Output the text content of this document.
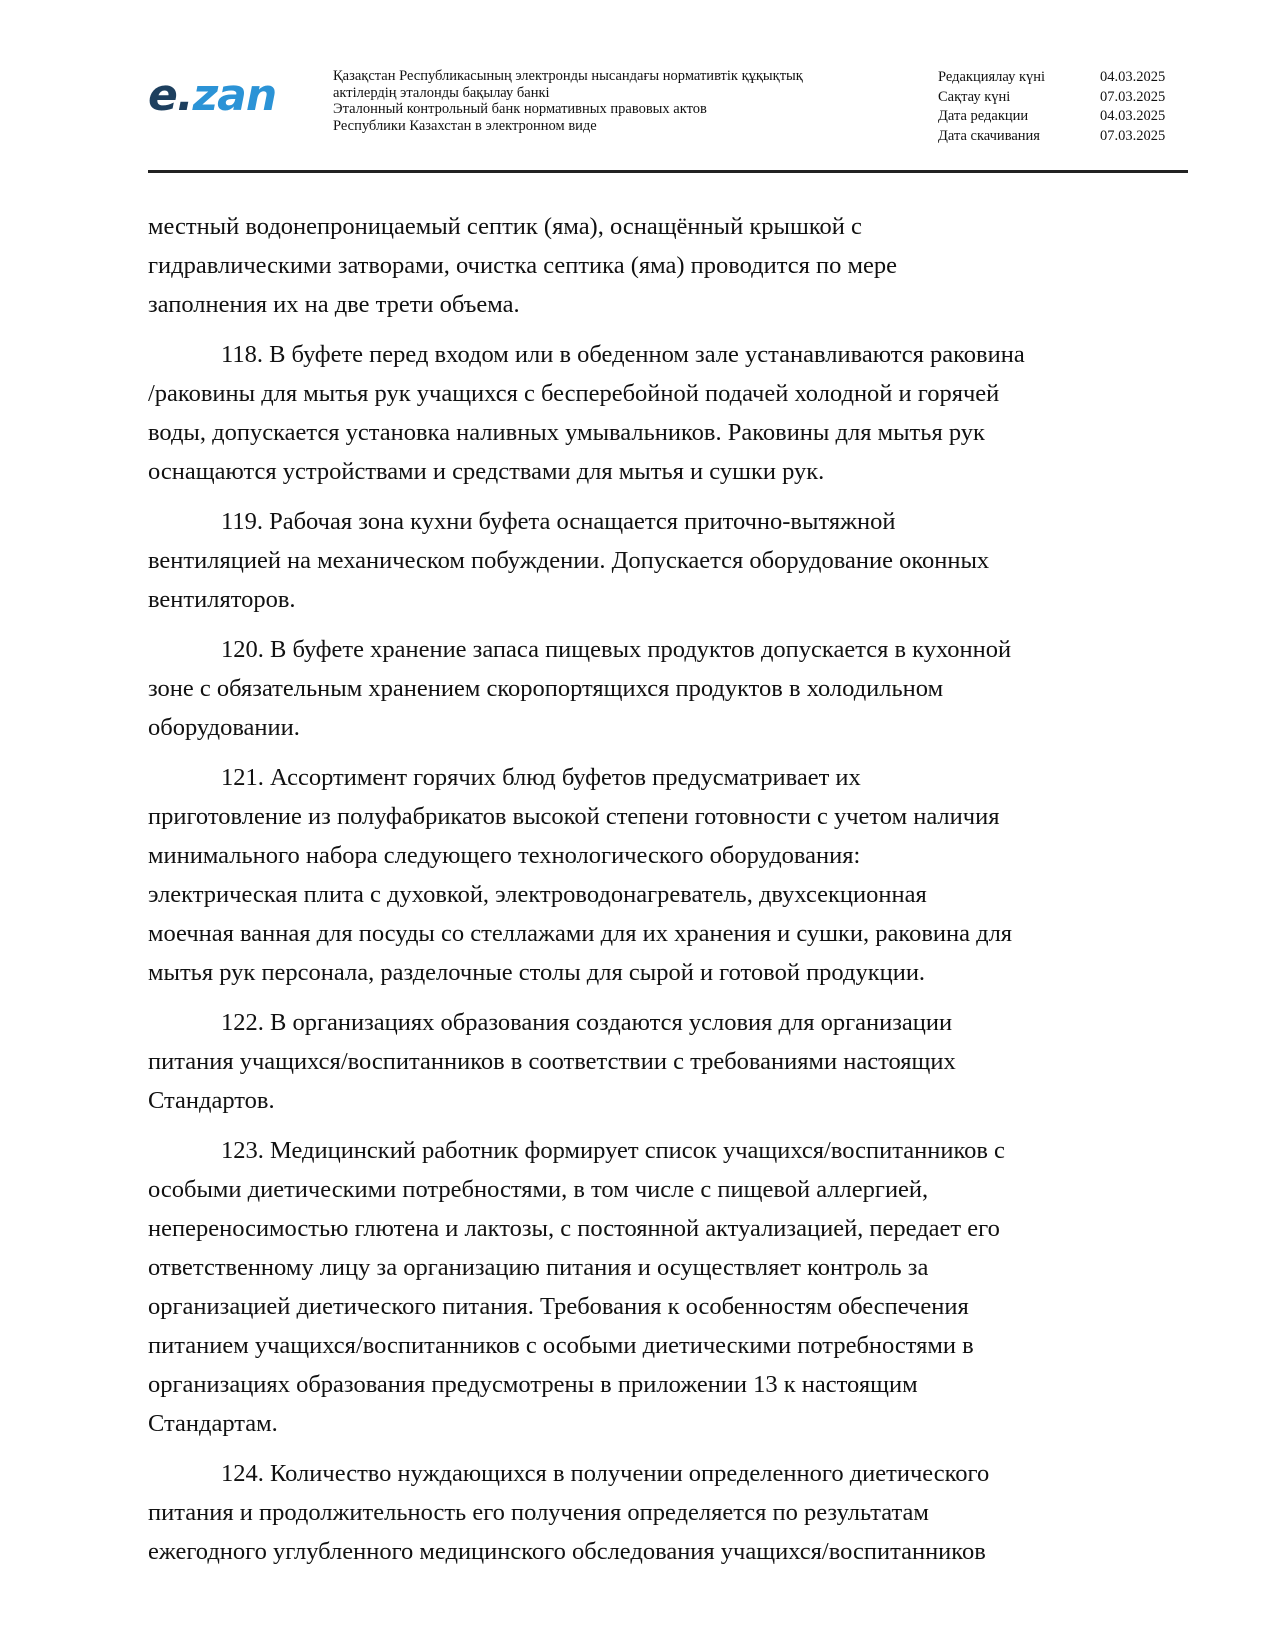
e.zan	Қазақстан Республикасының электронды нысандағы нормативтік құқықтық
актілердің эталонды бақылау банкі
Эталонный контрольный банк нормативных правовых актов
Республики Казахстан в электронном виде
Редакциялау күні	04.03.2025
Сақтау күні	07.03.2025
Дата редакции	04.03.2025
Дата скачивания	07.03.2025
местный водонепроницаемый септик (яма), оснащённый крышкой с
гидравлическими затворами, очистка септика (яма) проводится по мере
заполнения их на две трети объема.
118. В буфете перед входом или в обеденном зале устанавливаются раковина
/раковины для мытья рук учащихся с бесперебойной подачей холодной и горячей
воды, допускается установка наливных умывальников. Раковины для мытья рук
оснащаются устройствами и средствами для мытья и сушки рук.
119. Рабочая зона кухни буфета оснащается приточно-вытяжной
вентиляцией на механическом побуждении. Допускается оборудование оконных
вентиляторов.
120. В буфете хранение запаса пищевых продуктов допускается в кухонной
зоне с обязательным хранением скоропортящихся продуктов в холодильном
оборудовании.
121. Ассортимент горячих блюд буфетов предусматривает их
приготовление из полуфабрикатов высокой степени готовности с учетом наличия
минимального набора следующего технологического оборудования:
электрическая плита с духовкой, электроводонагреватель, двухсекционная
моечная ванная для посуды со стеллажами для их хранения и сушки, раковина для
мытья рук персонала, разделочные столы для сырой и готовой продукции.
122. В организациях образования создаются условия для организации
питания учащихся/воспитанников в соответствии с требованиями настоящих
Стандартов.
123. Медицинский работник формирует список учащихся/воспитанников с
особыми диетическими потребностями, в том числе с пищевой аллергией,
непереносимостью глютена и лактозы, с постоянной актуализацией, передает его
ответственному лицу за организацию питания и осуществляет контроль за
организацией диетического питания. Требования к особенностям обеспечения
питанием учащихся/воспитанников с особыми диетическими потребностями в
организациях образования предусмотрены в приложении 13 к настоящим
Стандартам.
124. Количество нуждающихся в получении определенного диетического
питания и продолжительность его получения определяется по результатам
ежегодного углубленного медицинского обследования учащихся/воспитанников
